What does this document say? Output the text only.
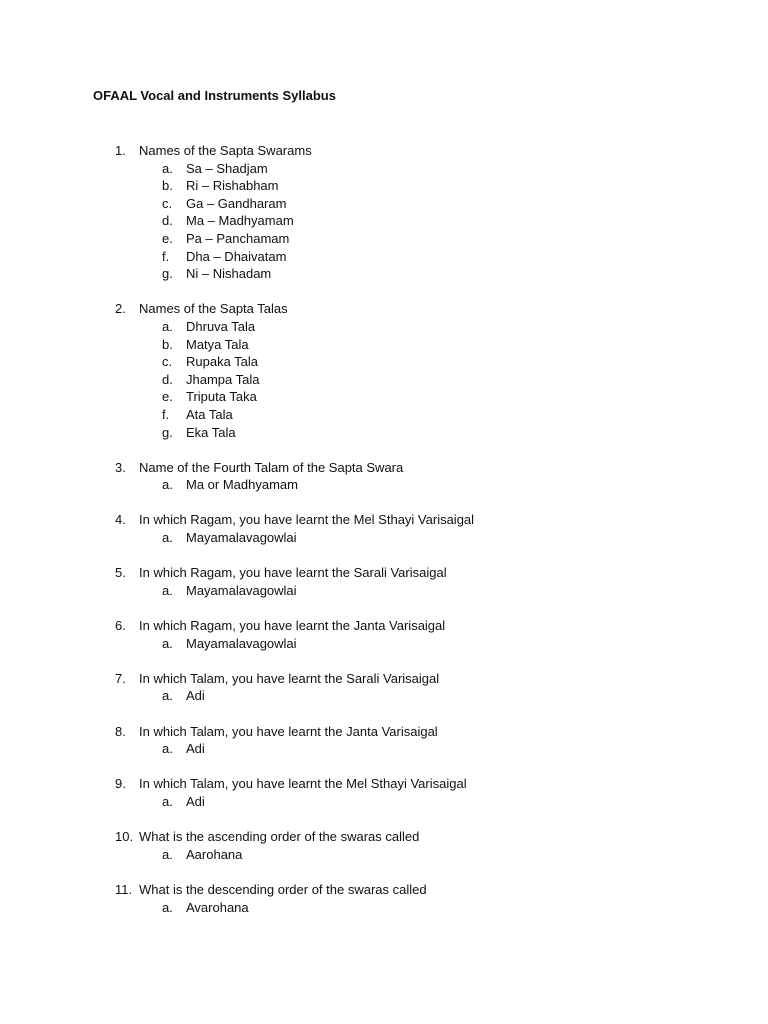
OFAAL Vocal and Instruments Syllabus
1. Names of the Sapta Swarams
a. Sa – Shadjam
b. Ri – Rishabham
c. Ga – Gandharam
d. Ma – Madhyamam
e. Pa – Panchamam
f. Dha – Dhaivatam
g. Ni – Nishadam
2. Names of the Sapta Talas
a. Dhruva Tala
b. Matya Tala
c. Rupaka Tala
d. Jhampa Tala
e. Triputa Taka
f. Ata Tala
g. Eka Tala
3. Name of the Fourth Talam of the Sapta Swara
a. Ma or Madhyamam
4. In which Ragam, you have learnt the Mel Sthayi Varisaigal
a. Mayamalavagowlai
5. In which Ragam, you have learnt the Sarali Varisaigal
a. Mayamalavagowlai
6. In which Ragam, you have learnt the Janta Varisaigal
a. Mayamalavagowlai
7. In which Talam, you have learnt the Sarali Varisaigal
a. Adi
8. In which Talam, you have learnt the Janta Varisaigal
a. Adi
9. In which Talam, you have learnt the Mel Sthayi Varisaigal
a. Adi
10. What is the ascending order of the swaras called
a. Aarohana
11. What is the descending order of the swaras called
a. Avarohana
